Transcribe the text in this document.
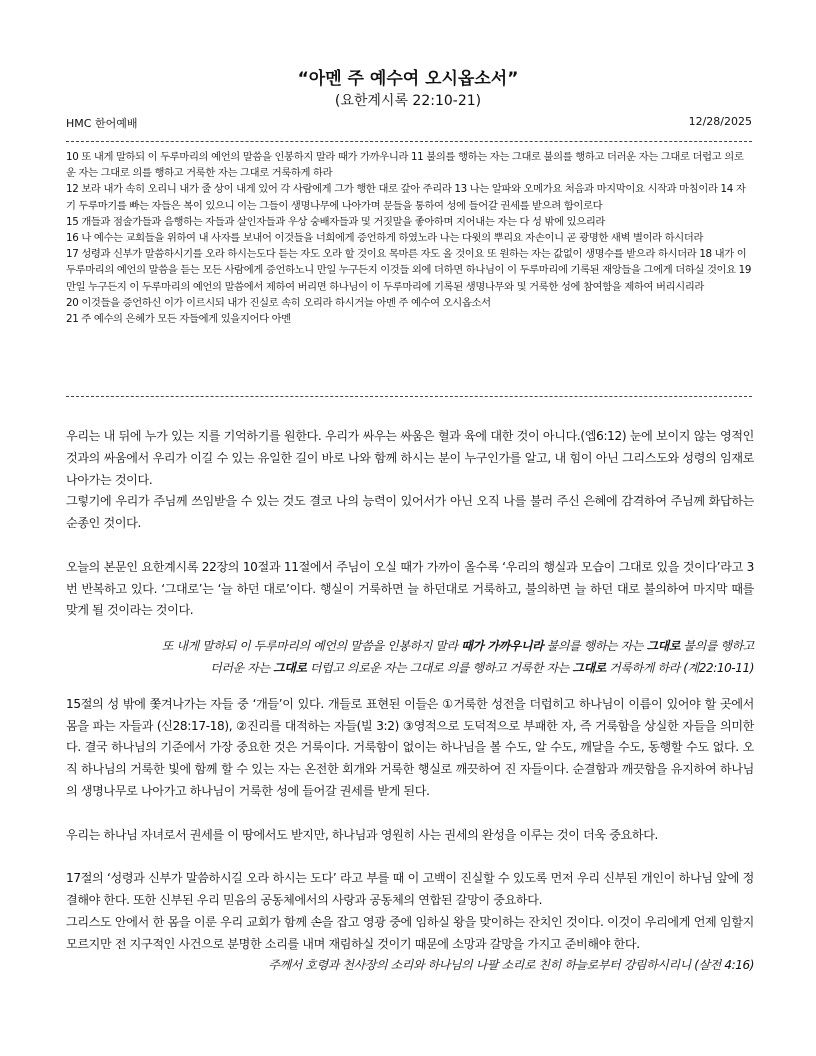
“아멘 주 예수여 오시옵소서”
(요한계시록 22:10-21)
HMC 한어예배	12/28/2025

10 또 내게 말하되 이 두루마리의 예언의 말씀을 인봉하지 말라 때가 가까우니라 11 불의를 행하는 자는 그대로 불의를 행하고 더러운 자는 그대로 더럽고 의로운 자는 그대로 의를 행하고 거룩한 자는 그대로 거룩하게 하라

12 보라 내가 속히 오리니 내가 줄 상이 내게 있어 각 사람에게 그가 행한 대로 갚아 주리라 13 나는 알파와 오메가요 처음과 마지막이요 시작과 마침이라 14 자기 두루마기를 빠는 자들은 복이 있으니 이는 그들이 생명나무에 나아가며 문들을 통하여 성에 들어갈 권세를 받으려 함이로다

15 개들과 점술가들과 음행하는 자들과 살인자들과 우상 숭배자들과 및 거짓말을 좋아하며 지어내는 자는 다 성 밖에 있으리라

16 나 예수는 교회들을 위하여 내 사자를 보내어 이것들을 너희에게 증언하게 하였노라 나는 다윗의 뿌리요 자손이니 곧 광명한 새벽 별이라 하시더라

17 성령과 신부가 말씀하시기를 오라 하시는도다 듣는 자도 오라 할 것이요 목마른 자도 올 것이요 또 원하는 자는 값없이 생명수를 받으라 하시더라 18 내가 이 두루마리의 예언의 말씀을 듣는 모든 사람에게 증언하노니 만일 누구든지 이것들 외에 더하면 하나님이 이 두루마리에 기록된 재앙들을 그에게 더하실 것이요 19 만일 누구든지 이 두루마리의 예언의 말씀에서 제하여 버리면 하나님이 이 두루마리에 기록된 생명나무와 및 거룩한 성에 참여함을 제하여 버리시리라

20 이것들을 증언하신 이가 이르시되 내가 진실로 속히 오리라 하시거늘 아멘 주 예수여 오시옵소서

21 주 예수의 은혜가 모든 자들에게 있을지어다 아멘

우리는 내 뒤에 누가 있는 지를 기억하기를 원한다. 우리가 싸우는 싸움은 혈과 육에 대한 것이 아니다.(엡6:12) 눈에 보이지 않는 영적인 것과의 싸움에서 우리가 이길 수 있는 유일한 길이 바로 나와 함께 하시는 분이 누구인가를 알고, 내 힘이 아닌 그리스도와 성령의 임재로 나아가는 것이다.

그렇기에 우리가 주님께 쓰임받을 수 있는 것도 결코 나의 능력이 있어서가 아닌 오직 나를 불러 주신 은혜에 감격하여 주님께 화답하는 순종인 것이다.

오늘의 본문인 요한계시록 22장의 10절과 11절에서 주님이 오실 때가 가까이 올수록 ‘우리의 행실과 모습이 그대로 있을 것이다’라고 3번 반복하고 있다. ‘그대로’는 ‘늘 하던 대로’이다. 행실이 거룩하면 늘 하던대로 거룩하고, 불의하면 늘 하던 대로 불의하여 마지막 때를 맞게 될 것이라는 것이다.

또 내게 말하되 이 두루마리의 예언의 말씀을 인봉하지 말라 때가 가까우니라 불의를 행하는 자는 그대로 불의를 행하고
더러운 자는 그대로 더럽고 의로운 자는 그대로 의를 행하고 거룩한 자는 그대로 거룩하게 하라 (계22:10-11)

15절의 성 밖에 쫓겨나가는 자들 중 ‘개들’이 있다. 개들로 표현된 이들은 ①거룩한 성전을 더럽히고 하나님이 이름이 있어야 할 곳에서 몸을 파는 자들과 (신28:17-18), ②진리를 대적하는 자들(빌 3:2) ③영적으로 도덕적으로 부패한 자, 즉 거룩함을 상실한 자들을 의미한다. 결국 하나님의 기준에서 가장 중요한 것은 거룩이다. 거룩함이 없이는 하나님을 볼 수도, 알 수도, 깨달을 수도, 동행할 수도 없다. 오직 하나님의 거룩한 빛에 함께 할 수 있는 자는 온전한 회개와 거룩한 행실로 깨끗하여 진 자들이다. 순결함과 깨끗함을 유지하여 하나님의 생명나무로 나아가고 하나님이 거룩한 성에 들어갈 권세를 받게 된다.

우리는 하나님 자녀로서 권세를 이 땅에서도 받지만, 하나님과 영원히 사는 권세의 완성을 이루는 것이 더욱 중요하다.

17절의 ‘성령과 신부가 말씀하시길 오라 하시는 도다’ 라고 부를 때 이 고백이 진실할 수 있도록 먼저 우리 신부된 개인이 하나님 앞에 정결해야 한다. 또한 신부된 우리 믿음의 공동체에서의 사랑과 공동체의 연합된 갈망이 중요하다.

그리스도 안에서 한 몸을 이룬 우리 교회가 함께 손을 잡고 영광 중에 임하실 왕을 맞이하는 잔치인 것이다. 이것이 우리에게 언제 임할지 모르지만 전 지구적인 사건으로 분명한 소리를 내며 재림하실 것이기 때문에 소망과 갈망을 가지고 준비해야 한다.

주께서 호령과 천사장의 소리와 하나님의 나팔 소리로 친히 하늘로부터 강림하시리니 (살전 4:16)
